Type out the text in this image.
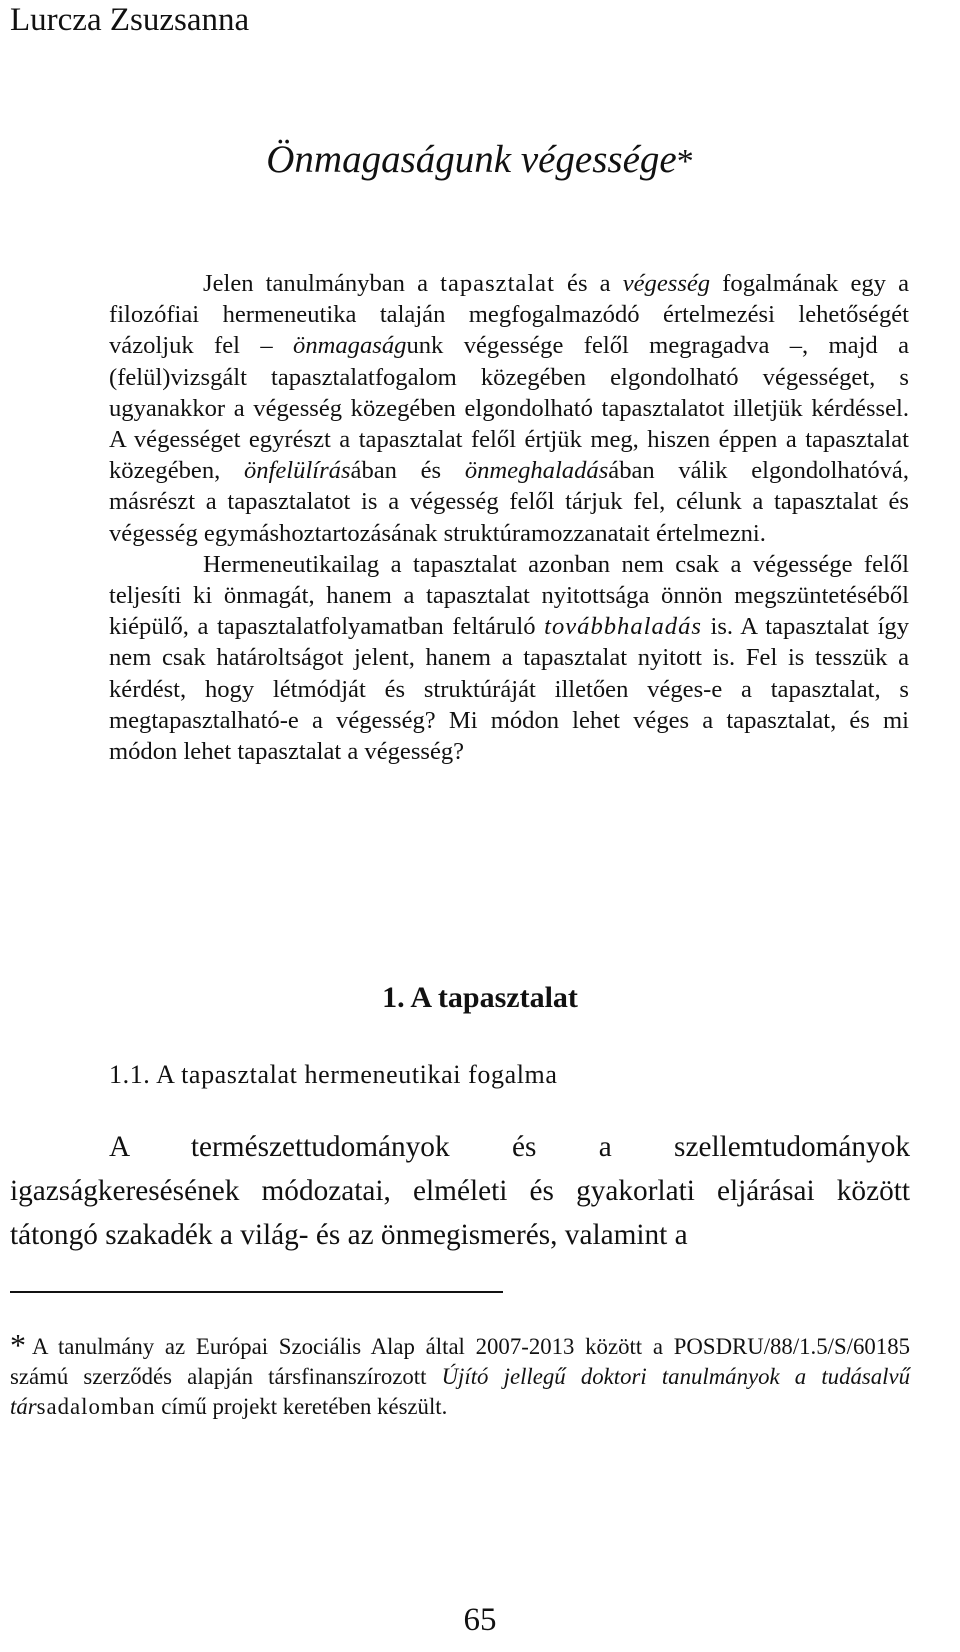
Lurcza Zsuzsanna
Önmagaságunk végessége*

Jelen tanulmányban a tapasztalat és a végesség fogalmának egy a filozófiai hermeneutika talaján megfogalmazódó értelmezési lehetőségét vázoljuk fel – önmagaságunk végessége felől megragadva –, majd a (felül)vizsgált tapasztalatfogalom közegében elgondolható végességet, s ugyanakkor a végesség közegében elgondolható tapasztalatot illetjük kérdéssel. A végességet egyrészt a tapasztalat felől értjük meg, hiszen éppen a tapasztalat közegében, önfelülírásában és önmeghaladásában válik elgondolhatóvá, másrészt a tapasztalatot is a végesség felől tárjuk fel, célunk a tapasztalat és végesség egymáshoztartozásának struktúramozzanatait értelmezni.

Hermeneutikailag a tapasztalat azonban nem csak a végessége felől teljesíti ki önmagát, hanem a tapasztalat nyitottsága önnön megszüntetéséből kiépülő, a tapasztalatfolyamatban feltáruló továbbhaladás is. A tapasztalat így nem csak határoltságot jelent, hanem a tapasztalat nyitott is. Fel is tesszük a kérdést, hogy létmódját és struktúráját illetően véges-e a tapasztalat, s megtapasztalható-e a végesség? Mi módon lehet véges a tapasztalat, és mi módon lehet tapasztalat a végesség?

1. A tapasztalat
1.1. A tapasztalat hermeneutikai fogalma

A természettudományok és a szellemtudományok igazságkeresésének módozatai, elméleti és gyakorlati eljárásai között tátongó szakadék a világ- és az önmegismerés, valamint a

* A tanulmány az Európai Szociális Alap által 2007-2013 között a POSDRU/88/1.5/S/60185 számú szerződés alapján társfinanszírozott Újító jellegű doktori tanulmányok a tudásalvű társadalomban című projekt keretében készült.
65
